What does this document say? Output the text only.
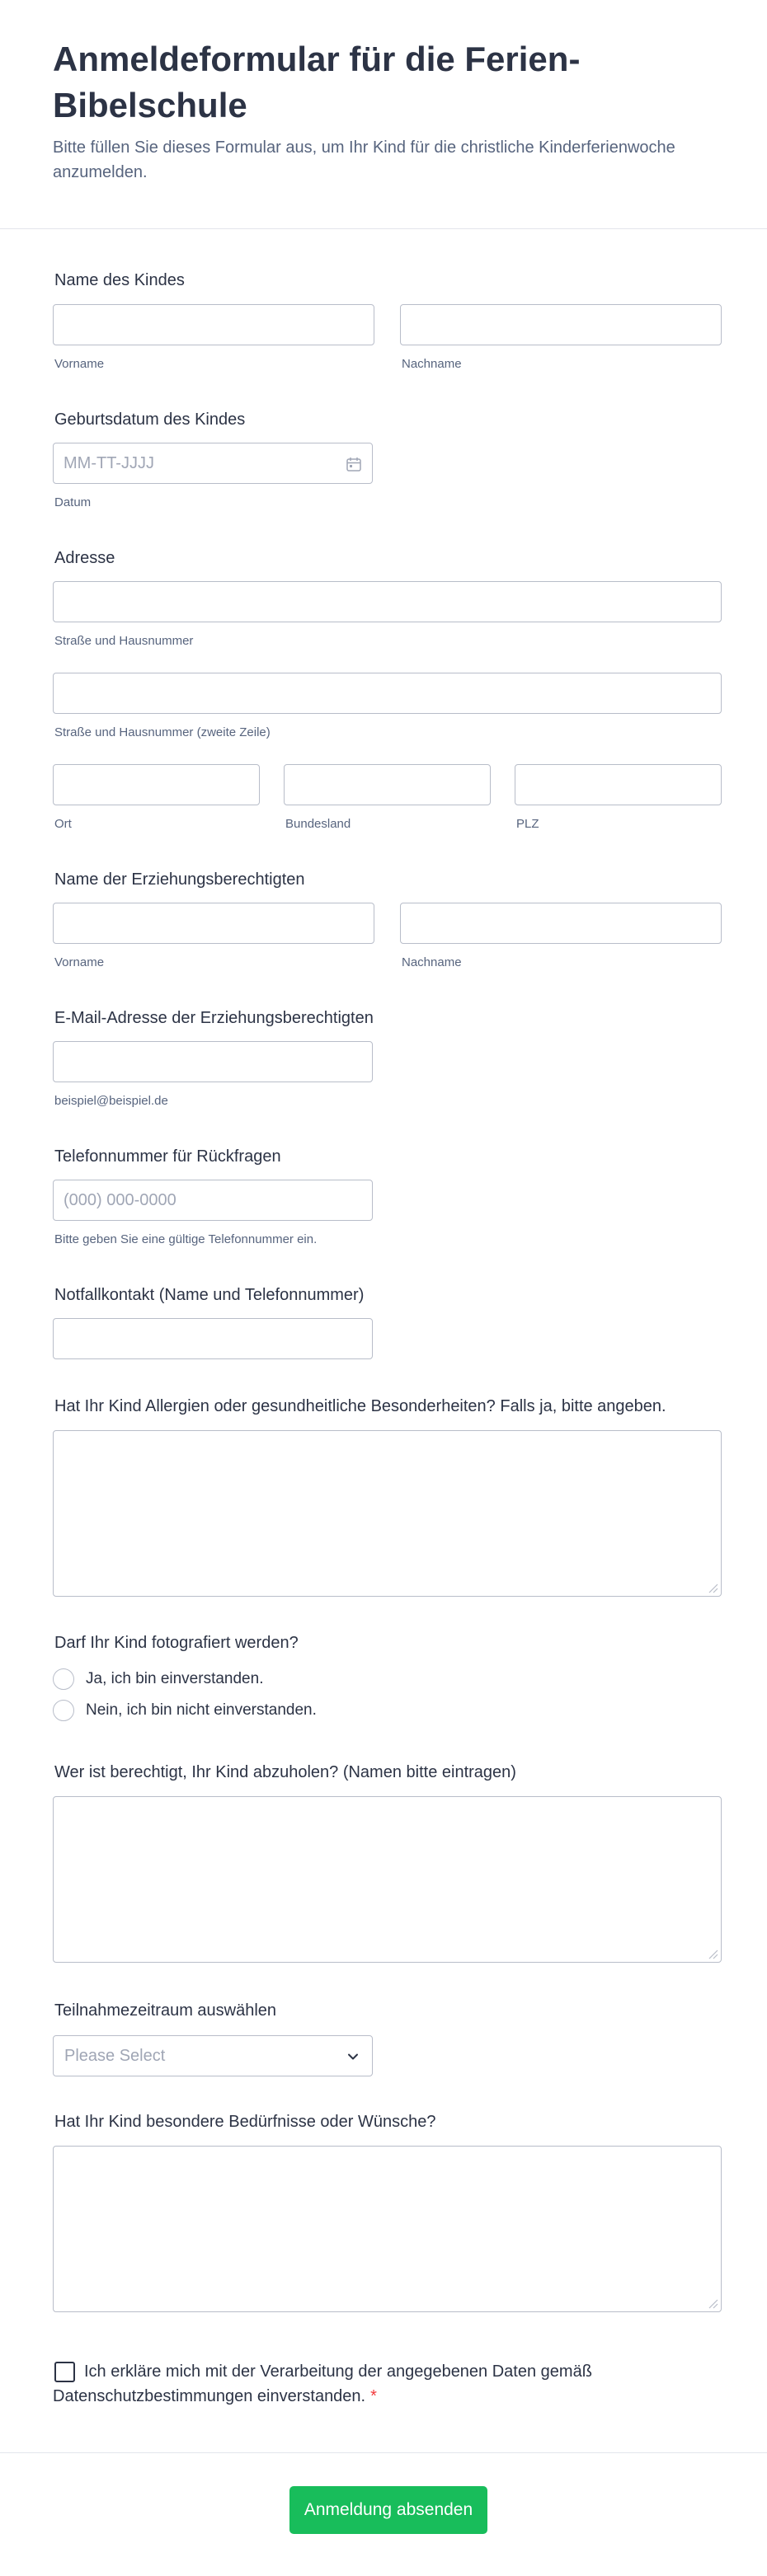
Anmeldeformular für die Ferien-Bibelschule

Bitte füllen Sie dieses Formular aus, um Ihr Kind für die christliche Kinderferienwoche anzumelden.

Name des Kindes
Vorname	Nachname
Geburtsdatum des Kindes
MM-TT-JJJJ
Datum
Adresse
Straße und Hausnummer
Straße und Hausnummer (zweite Zeile)
Ort	Bundesland	PLZ
Name der Erziehungsberechtigten
Vorname	Nachname
E-Mail-Adresse der Erziehungsberechtigten
beispiel@beispiel.de
Telefonnummer für Rückfragen
(000) 000-0000
Bitte geben Sie eine gültige Telefonnummer ein.
Notfallkontakt (Name und Telefonnummer)
Hat Ihr Kind Allergien oder gesundheitliche Besonderheiten? Falls ja, bitte angeben.
Darf Ihr Kind fotografiert werden?
Ja, ich bin einverstanden.
Nein, ich bin nicht einverstanden.
Wer ist berechtigt, Ihr Kind abzuholen? (Namen bitte eintragen)
Teilnahmezeitraum auswählen
Please Select
Hat Ihr Kind besondere Bedürfnisse oder Wünsche?
Ich erkläre mich mit der Verarbeitung der angegebenen Daten gemäß Datenschutzbestimmungen einverstanden. *
Anmeldung absenden
